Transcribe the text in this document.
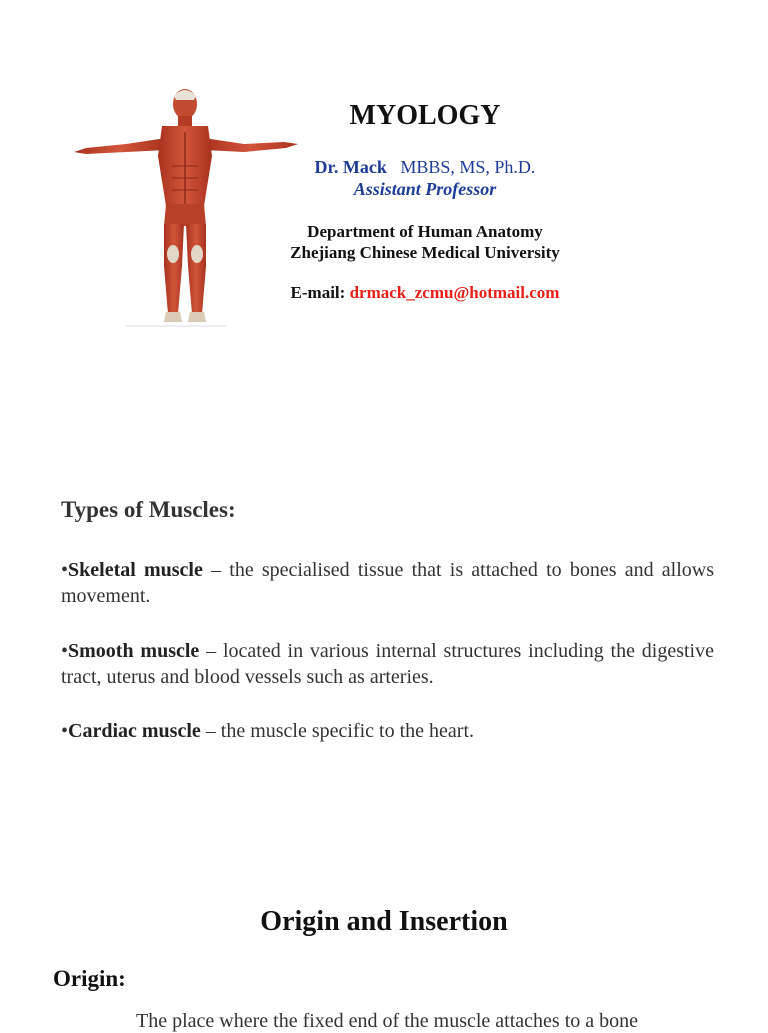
MYOLOGY
Dr. Mack MBBS, MS, Ph.D.
Assistant Professor
Department of Human Anatomy
Zhejiang Chinese Medical University
E-mail: drmack_zcmu@hotmail.com
Types of Muscles:
•Skeletal muscle – the specialised tissue that is attached to bones and allows movement.
•Smooth muscle – located in various internal structures including the digestive tract, uterus and blood vessels such as arteries.
•Cardiac muscle – the muscle specific to the heart.
Origin and Insertion
Origin:
The place where the fixed end of the muscle attaches to a bone
